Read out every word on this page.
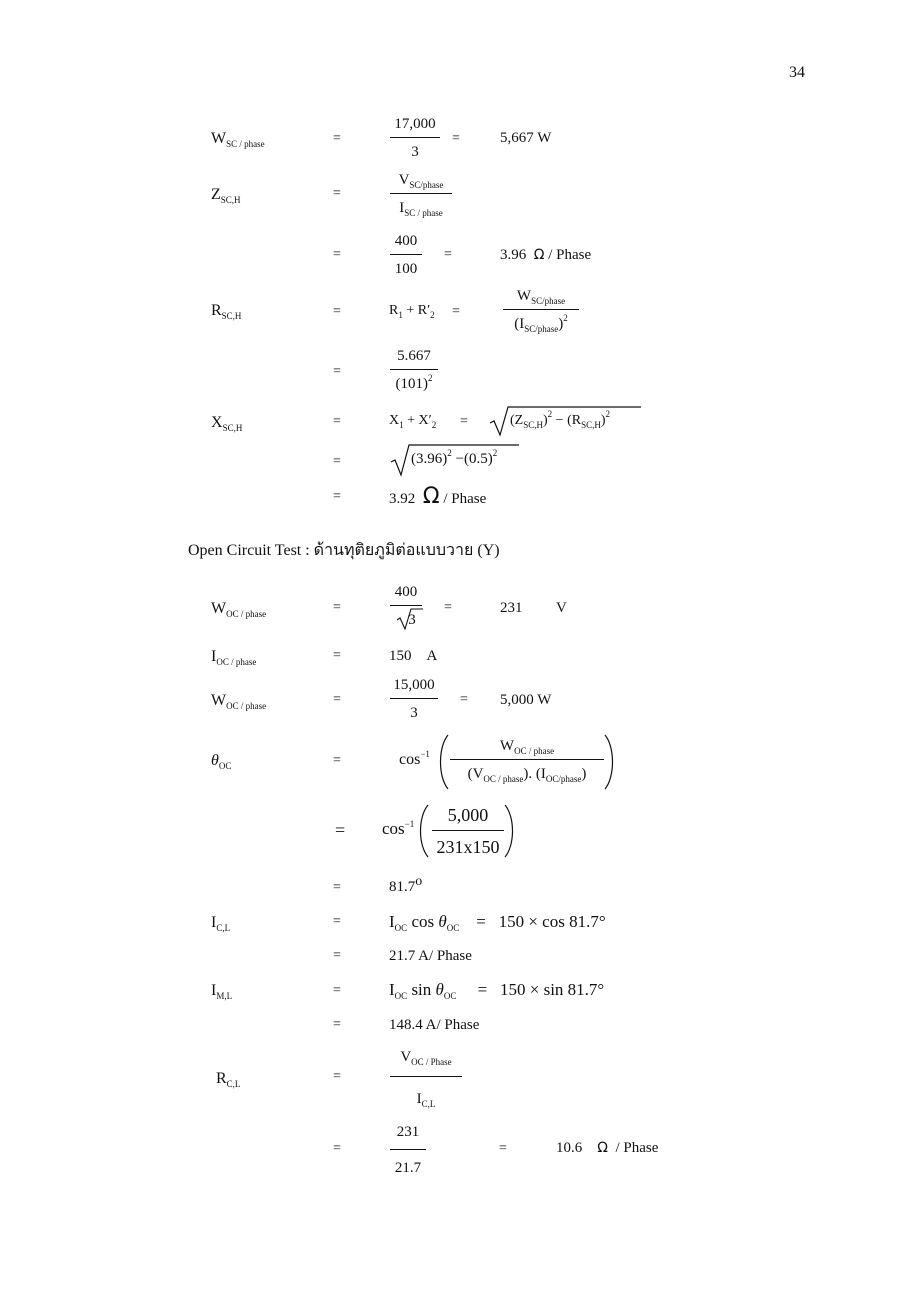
34
$W_{SC / phase}$	=
17,000
3
=	5,667 W
$Z_{SC,H}$	=
$V_{SC/phase}$
$I_{SC / phase}$
=
400
100
=	3.96 Ω / Phase
$R_{SC,H}$	=	$R_1 + R'_2$ =
$W_{SC/phase}$
$(I_{SC/phase})^2$
=
5.667
$(101)^2$
$X_{SC,H}$	=	$X_1 + X'_2$ =	$(Z_{SC,H})^2 - (R_{SC,H})^2$
=	$(3.96)^2 -(0.5)^2$
=	3.92 Ω / Phase
Open Circuit Test : ด้านทุติยภูมิต่อแบบวาย (Y)
$W_{OC / phase}$	=
400
3
=	231 V
$I_{OC / phase}$	=	150 A
$W_{OC / phase}$	=
15,000
3
= 5,000 W
$\theta_{OC}$	=	$\cos^{-1}$	$W_{OC / phase}$
$(V_{OC / phase})$. $(I_{OC/phase})$
= $\cos^{-1} 5,000$
231x150
=	81.7o
$I_{C,L}$	=	$I_{OC}$ $\cos \theta_{OC} = 150 \times \cos 81.7^\circ$
=	21.7 A/ Phase
$I_{M,L}$	=	$I_{OC}$ $\sin \theta_{OC} = 150 \times \sin 81.7^\circ$
=	148.4 A/ Phase
$R_{C,L}$	=
$V_{OC / Phase}$
$I_{C,L}$
=
231
21.7
=	10.6 Ω / Phase
